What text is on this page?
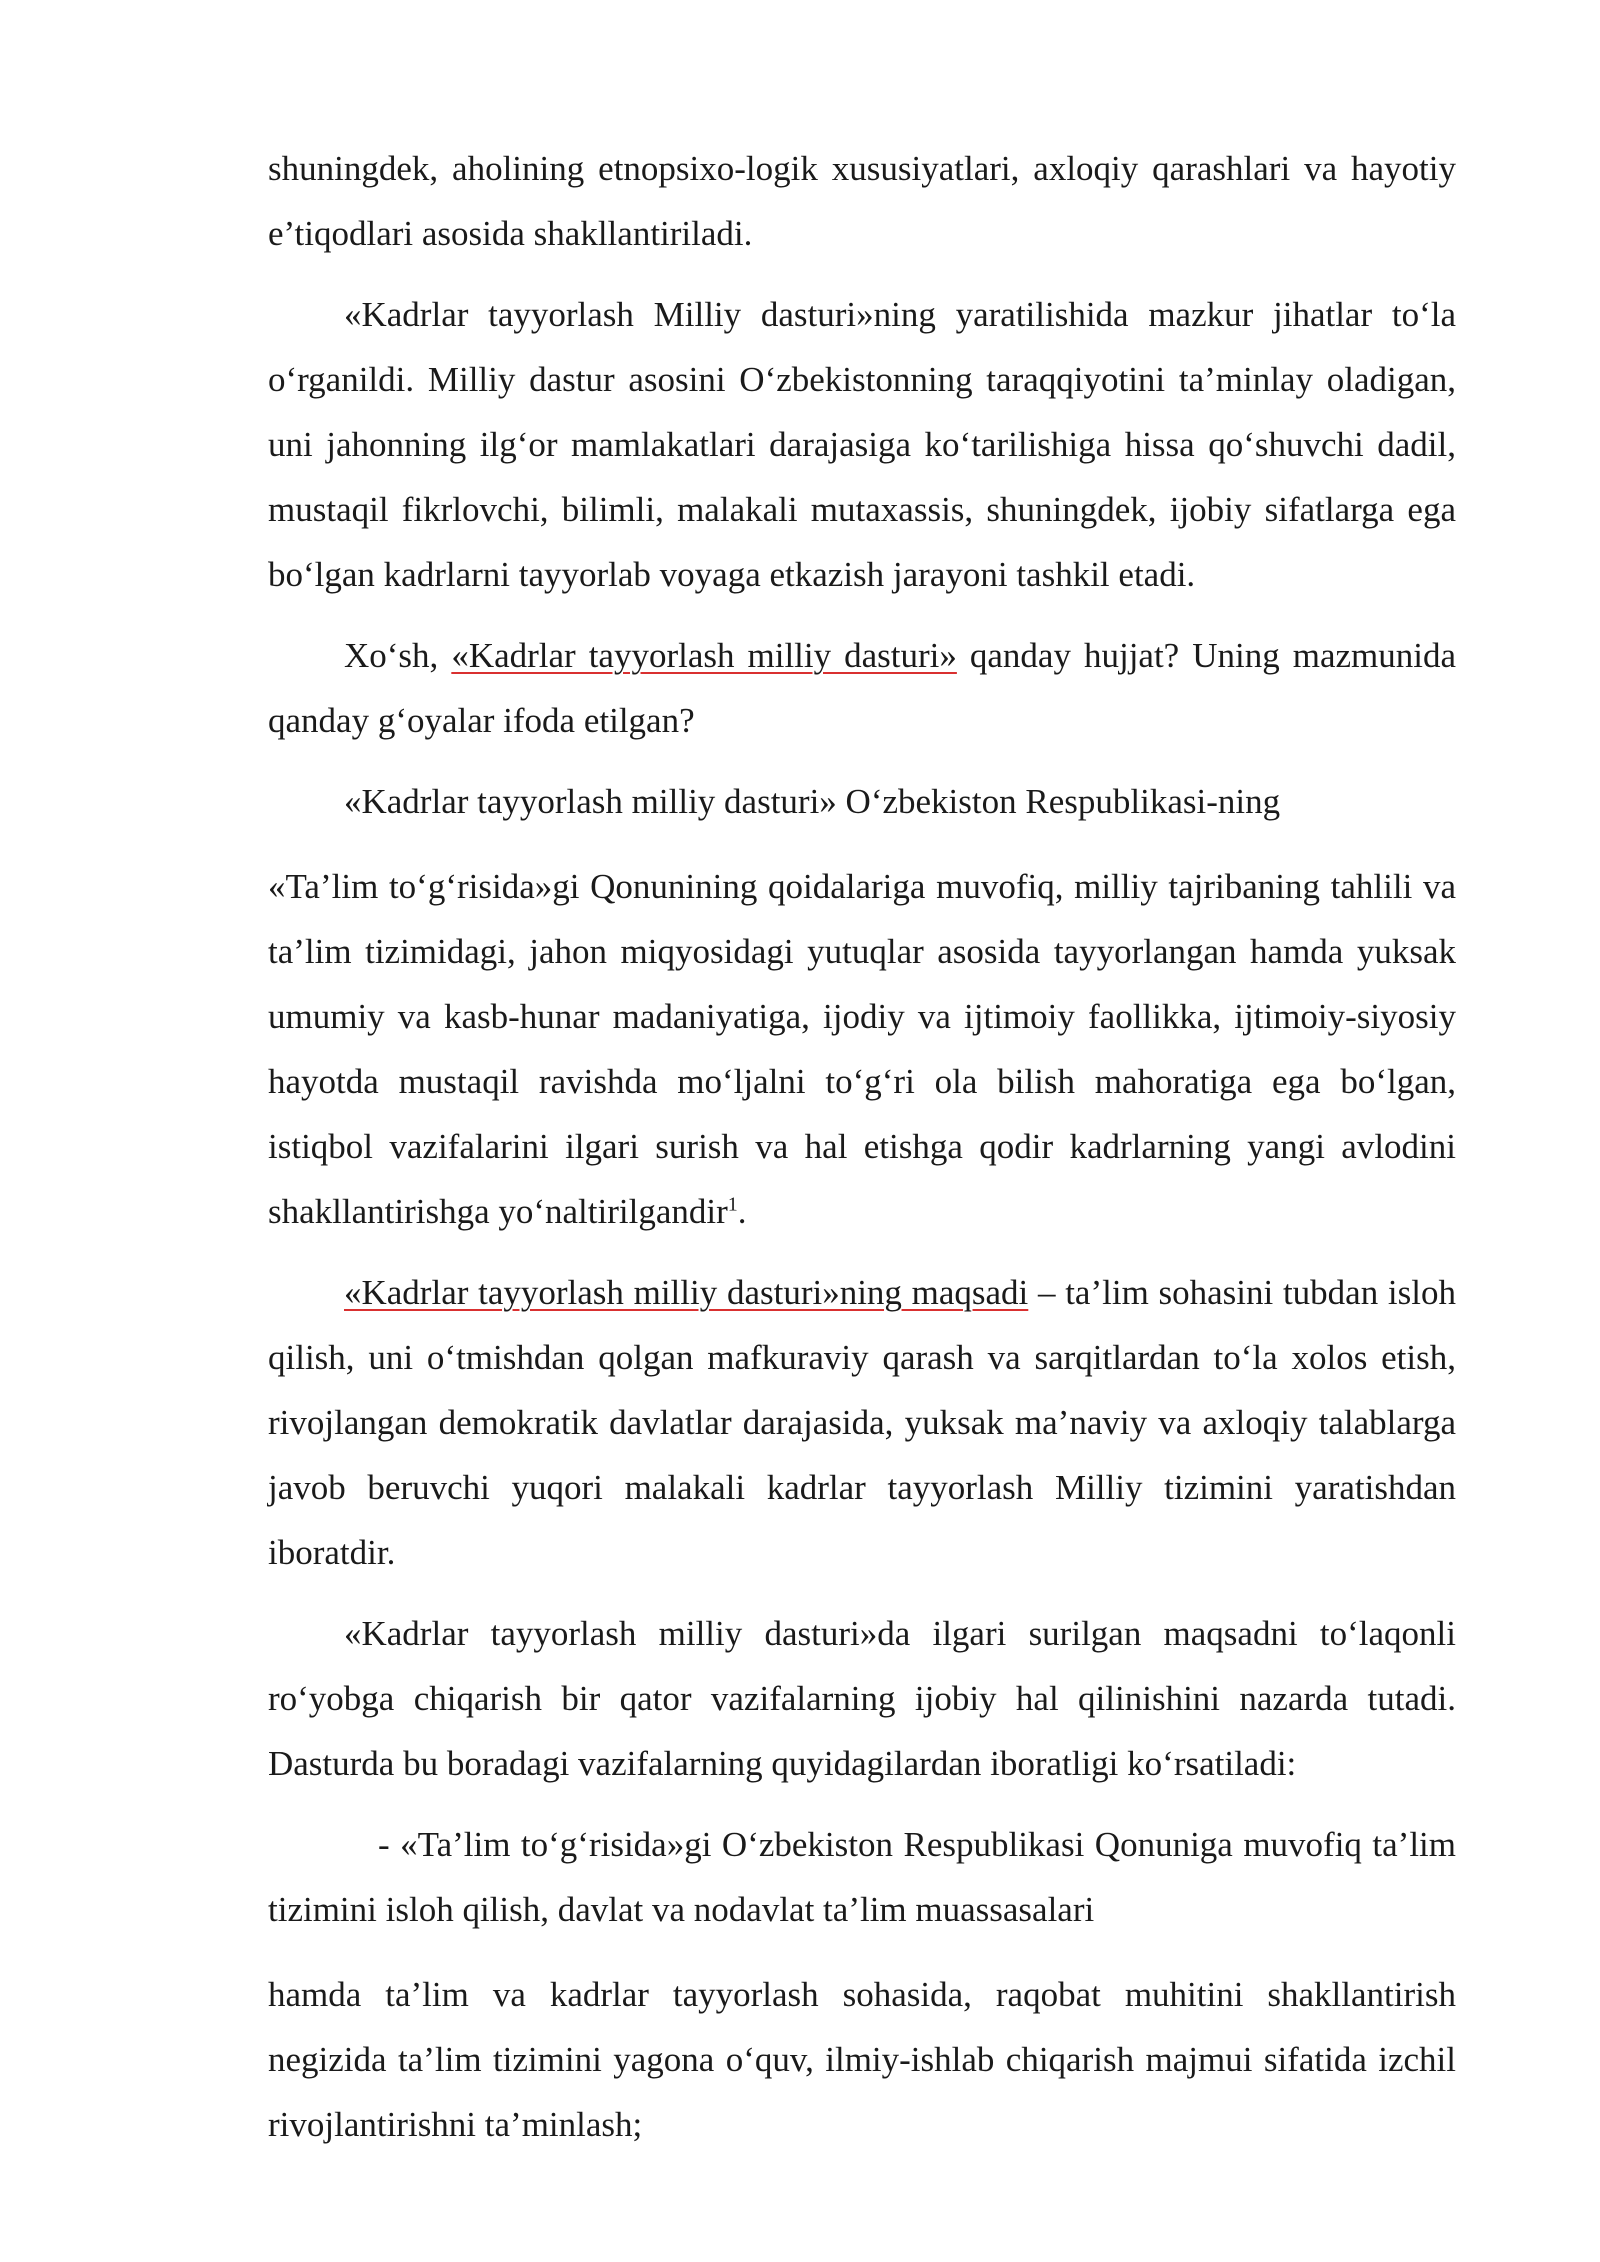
shuningdek, aholining etnopsixo-logik xususiyatlari, axloqiy qarashlari va hayotiy e’tiqodlari asosida shakllantiriladi.

«Kadrlar tayyorlash Milliy dasturi»ning yaratilishida mazkur jihatlar to‘la o‘rganildi. Milliy dastur asosini O‘zbekistonning taraqqiyotini ta’minlay oladigan, uni jahonning ilg‘or mamlakatlari darajasiga ko‘tarilishiga hissa qo‘shuvchi dadil, mustaqil fikrlovchi, bilimli, malakali mutaxassis, shuningdek, ijobiy sifatlarga ega bo‘lgan kadrlarni tayyorlab voyaga etkazish jarayoni tashkil etadi.

Xo‘sh, «Kadrlar tayyorlash milliy dasturi» qanday hujjat? Uning mazmunida qanday g‘oyalar ifoda etilgan?

«Kadrlar tayyorlash milliy dasturi» O‘zbekiston Respublikasi-ning

«Ta’lim to‘g‘risida»gi Qonunining qoidalariga muvofiq, milliy tajribaning tahlili va ta’lim tizimidagi, jahon miqyosidagi yutuqlar asosida tayyorlangan hamda yuksak umumiy va kasb-hunar madaniyatiga, ijodiy va ijtimoiy faollikka, ijtimoiy-siyosiy hayotda mustaqil ravishda mo‘ljalni to‘g‘ri ola bilish mahoratiga ega bo‘lgan, istiqbol vazifalarini ilgari surish va hal etishga qodir kadrlarning yangi avlodini shakllantirishga yo‘naltirilgandir$^1$.

«Kadrlar tayyorlash milliy dasturi»ning maqsadi – ta’lim sohasini tubdan isloh qilish, uni o‘tmishdan qolgan mafkuraviy qarash va sarqitlardan to‘la xolos etish, rivojlangan demokratik davlatlar darajasida, yuksak ma’naviy va axloqiy talablarga javob beruvchi yuqori malakali kadrlar tayyorlash Milliy tizimini yaratishdan iboratdir.

«Kadrlar tayyorlash milliy dasturi»da ilgari surilgan maqsadni to‘laqonli ro‘yobga chiqarish bir qator vazifalarning ijobiy hal qilinishini nazarda tutadi. Dasturda bu boradagi vazifalarning quyidagilardan iboratligi ko‘rsatiladi:

- «Ta’lim to‘g‘risida»gi O‘zbekiston Respublikasi Qonuniga muvofiq ta’lim tizimini isloh qilish, davlat va nodavlat ta’lim muassasalari

hamda ta’lim va kadrlar tayyorlash sohasida, raqobat muhitini shakllantirish negizida ta’lim tizimini yagona o‘quv, ilmiy-ishlab chiqarish majmui sifatida izchil rivojlantirishni ta’minlash;
